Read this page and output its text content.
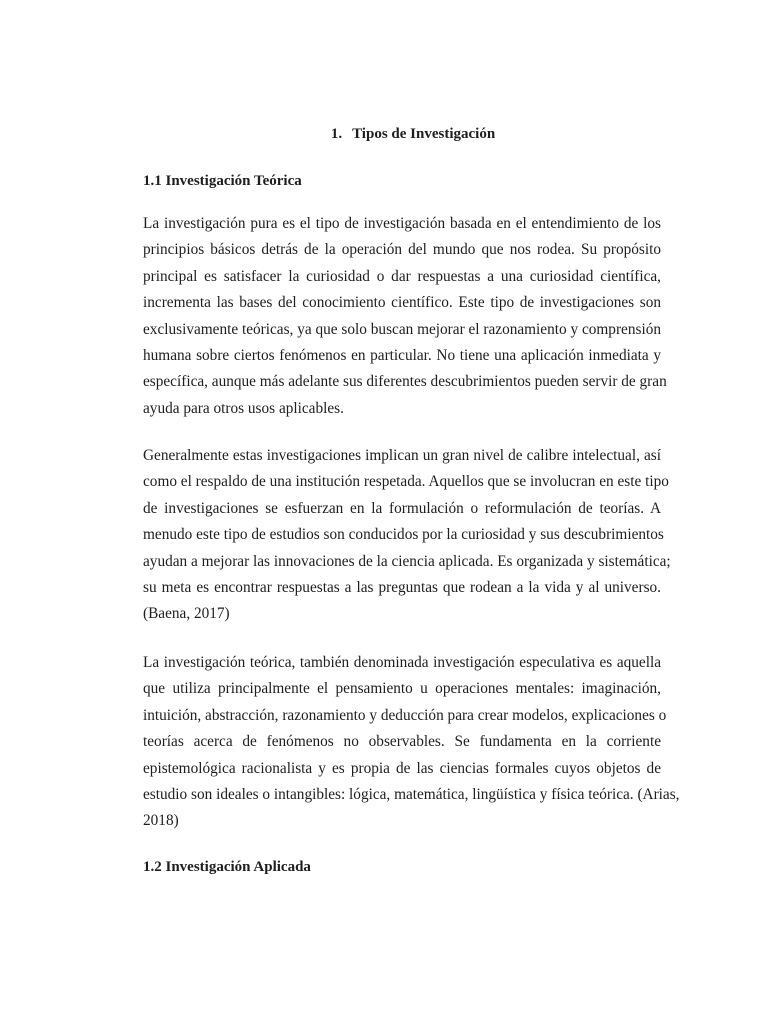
1. Tipos de Investigación
1.1 Investigación Teórica
La investigación pura es el tipo de investigación basada en el entendimiento de los
principios básicos detrás de la operación del mundo que nos rodea. Su propósito
principal es satisfacer la curiosidad o dar respuestas a una curiosidad científica,
incrementa las bases del conocimiento científico. Este tipo de investigaciones son
exclusivamente teóricas, ya que solo buscan mejorar el razonamiento y comprensión
humana sobre ciertos fenómenos en particular. No tiene una aplicación inmediata y
específica, aunque más adelante sus diferentes descubrimientos pueden servir de gran
ayuda para otros usos aplicables.
Generalmente estas investigaciones implican un gran nivel de calibre intelectual, así
como el respaldo de una institución respetada. Aquellos que se involucran en este tipo
de investigaciones se esfuerzan en la formulación o reformulación de teorías. A
menudo este tipo de estudios son conducidos por la curiosidad y sus descubrimientos
ayudan a mejorar las innovaciones de la ciencia aplicada. Es organizada y sistemática;
su meta es encontrar respuestas a las preguntas que rodean a la vida y al universo.
(Baena, 2017)
La investigación teórica, también denominada investigación especulativa es aquella
que utiliza principalmente el pensamiento u operaciones mentales: imaginación,
intuición, abstracción, razonamiento y deducción para crear modelos, explicaciones o
teorías acerca de fenómenos no observables. Se fundamenta en la corriente
epistemológica racionalista y es propia de las ciencias formales cuyos objetos de
estudio son ideales o intangibles: lógica, matemática, lingüística y física teórica. (Arias,
2018)
1.2 Investigación Aplicada
